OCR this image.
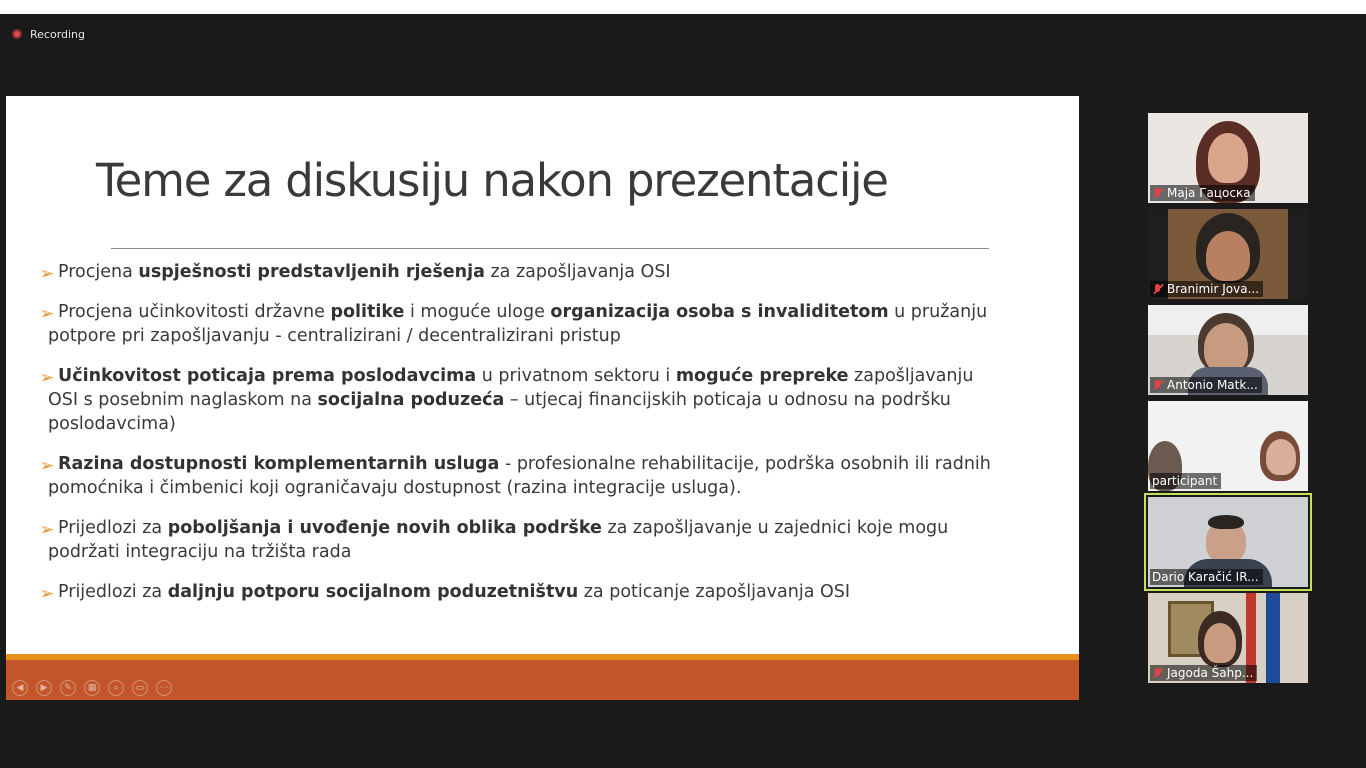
Recording
Teme za diskusiju nakon prezentacije
➢ Procjena uspješnosti predstavljenih rješenja za zapošljavanja OSI
➢ Procjena učinkovitosti državne politike i moguće uloge organizacija osoba s invaliditetom u pružanju potpore pri zapošljavanju - centralizirani / decentralizirani pristup
➢ Učinkovitost poticaja prema poslodavcima u privatnom sektoru i moguće prepreke zapošljavanju OSI s posebnim naglaskom na socijalna poduzeća – utjecaj financijskih poticaja u odnosu na podršku poslodavcima)
➢ Razina dostupnosti komplementarnih usluga - profesionalne rehabilitacije, podrška osobnih ili radnih pomoćnika i čimbenici koji ograničavaju dostupnost (razina integracije usluga).
➢ Prijedlozi za poboljšanja i uvođenje novih oblika podrške za zapošljavanje u zajednici koje mogu podržati integraciju na tržišta rada
➢ Prijedlozi za daljnju potporu socijalnom poduzetništvu za poticanje zapošljavanja OSI
◀	▶	✎	▦	⌕	▭	⋯
Маја Гацоска
Branimir Jova...
Antonio Matk...
participant
Dario Karačić IR...
Jagoda Šahp...
